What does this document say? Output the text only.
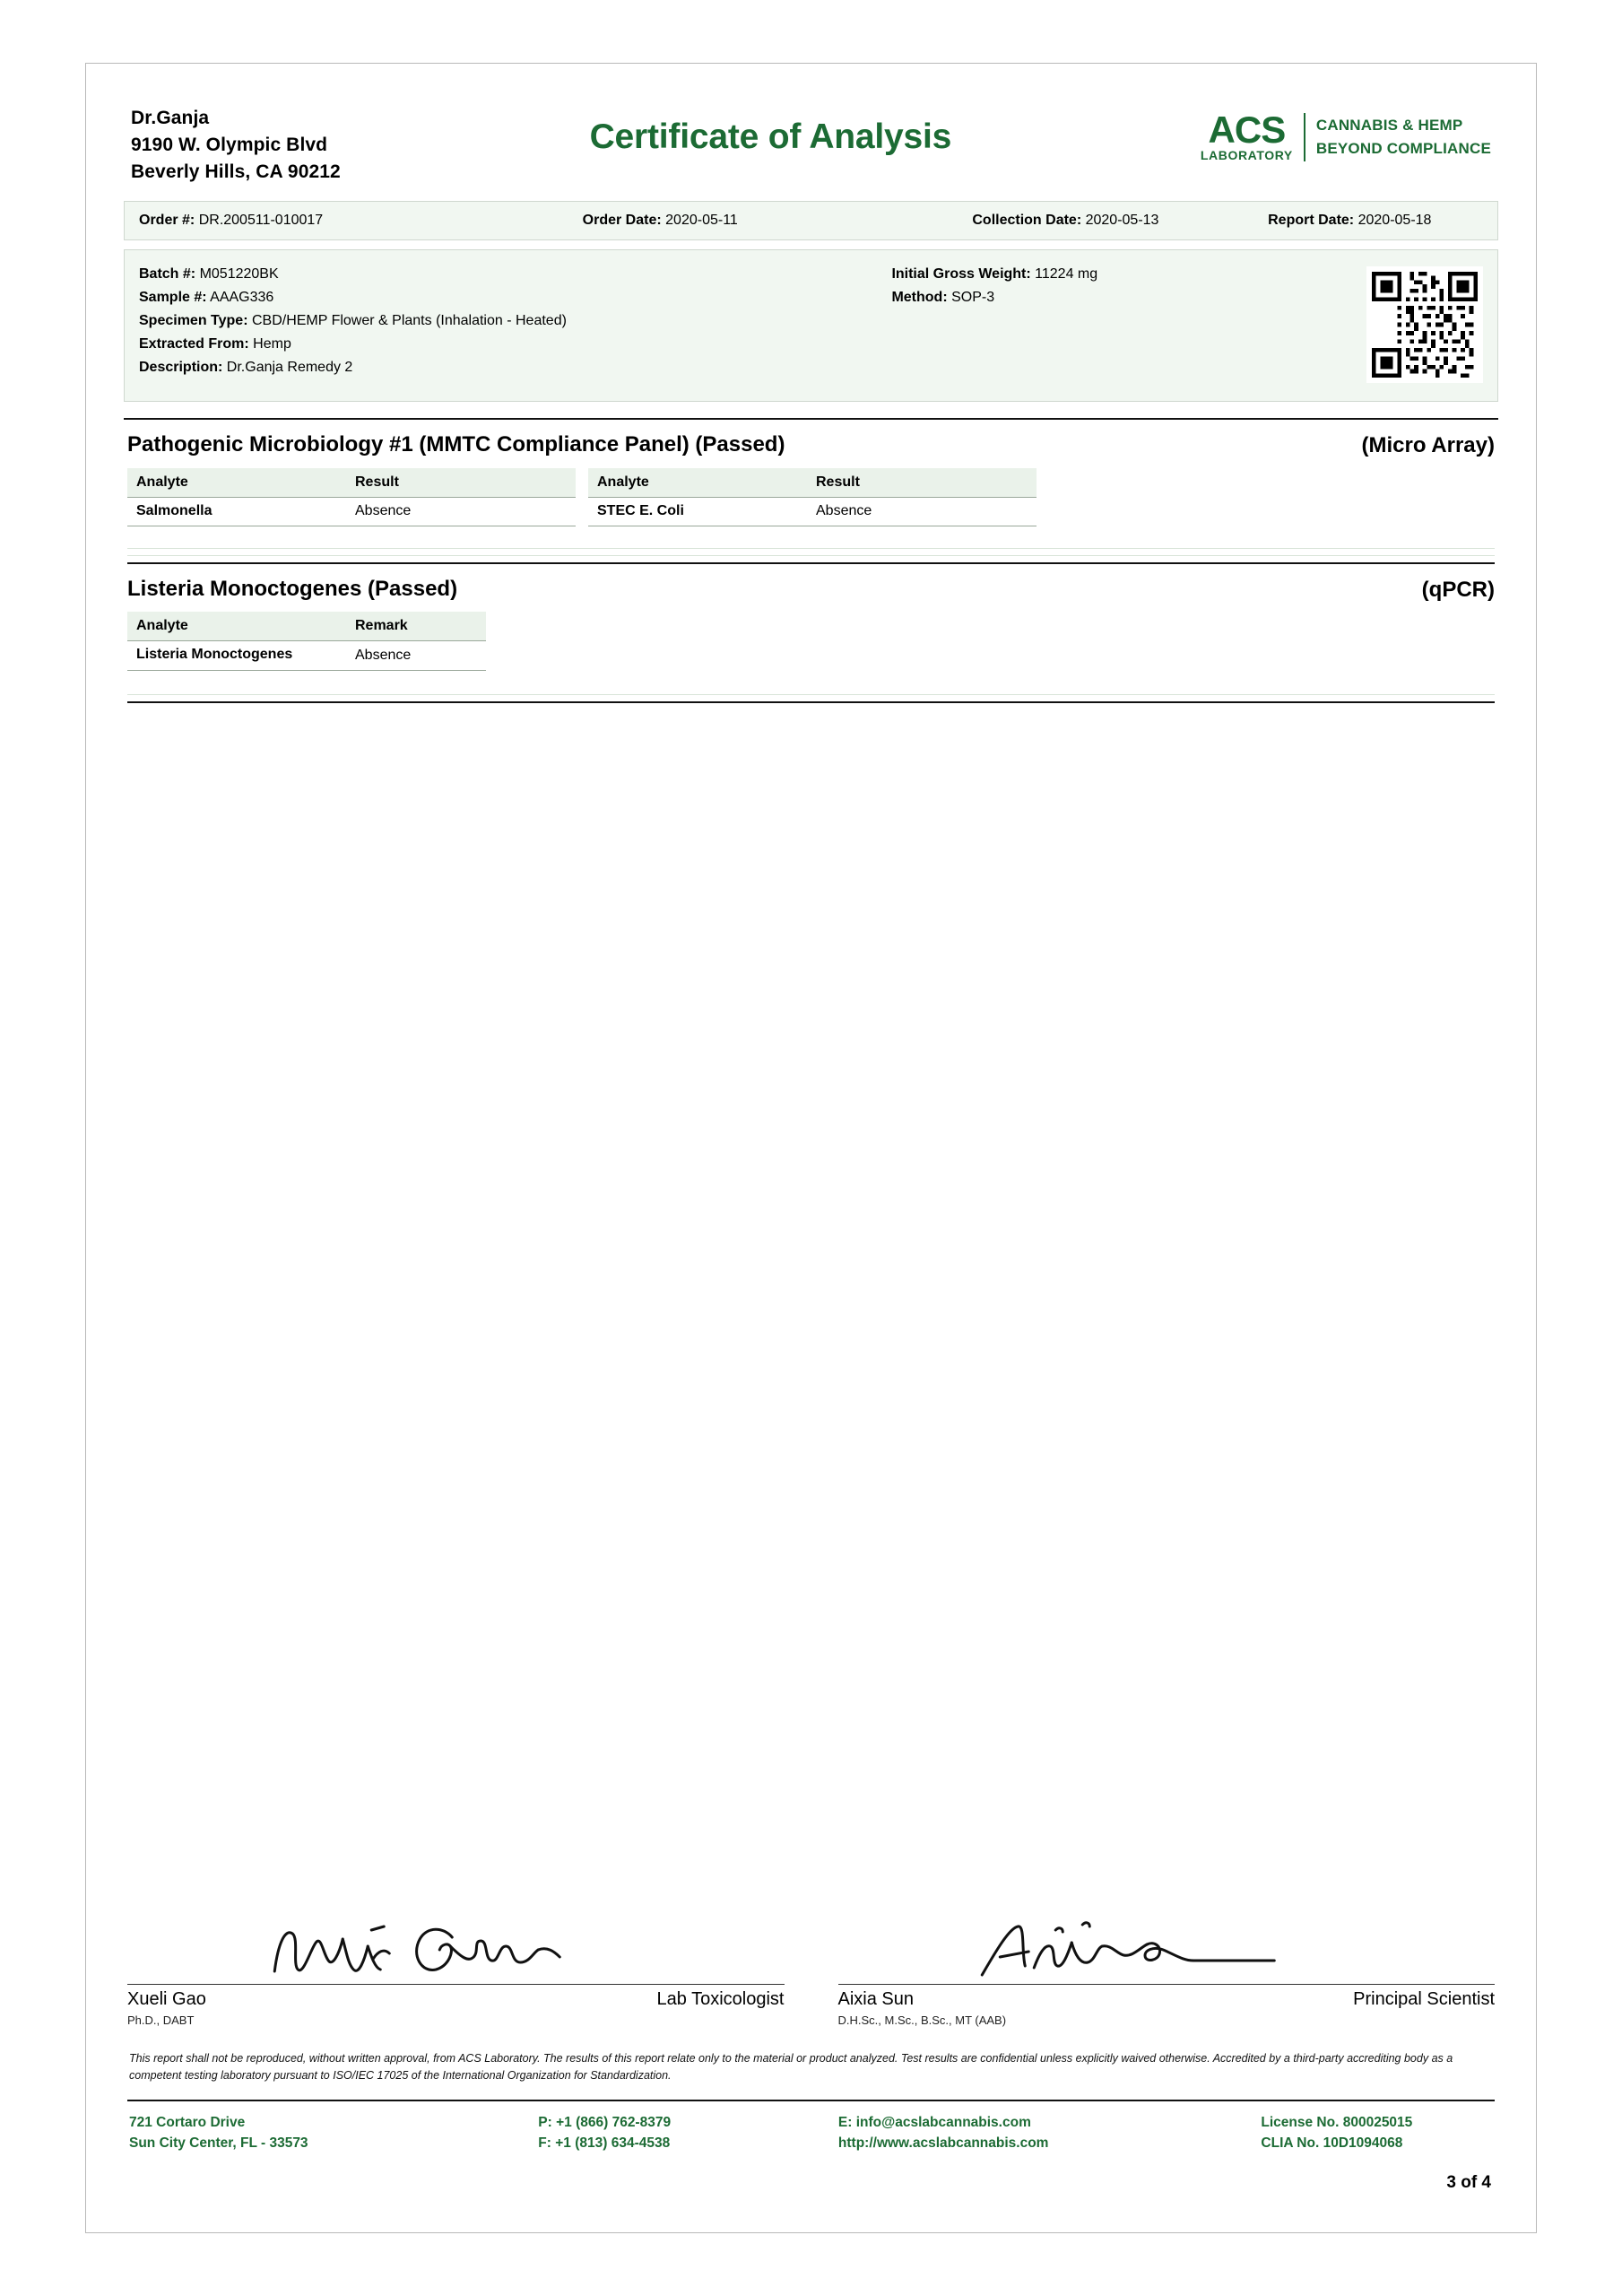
Dr.Ganja
9190 W. Olympic Blvd
Beverly Hills, CA 90212
Certificate of Analysis	ACS
LABORATORY
CANNABIS & HEMP
BEYOND COMPLIANCE
Order #: DR.200511-010017	Order Date: 2020-05-11	Collection Date: 2020-05-13	Report Date: 2020-05-18
Batch #: M051220BK
Sample #: AAAG336
Specimen Type: CBD/HEMP Flower & Plants (Inhalation - Heated)
Extracted From: Hemp
Description: Dr.Ganja Remedy 2
Initial Gross Weight: 11224 mg
Method: SOP-3
Pathogenic Microbiology #1 (MMTC Compliance Panel) (Passed)	(Micro Array)
Analyte	Result
Salmonella	Absence
Analyte	Result
STEC E. Coli	Absence
Listeria Monoctogenes (Passed)	(qPCR)
Analyte	Remark
Listeria Monoctogenes	Absence
Xueli Gao	Lab Toxicologist
Ph.D., DABT
Aixia Sun	Principal Scientist
D.H.Sc., M.Sc., B.Sc., MT (AAB)
This report shall not be reproduced, without written approval, from ACS Laboratory. The results of this report relate only to the material or product analyzed. Test results are confidential unless explicitly waived otherwise. Accredited by a third-party accrediting body as a competent testing laboratory pursuant to ISO/IEC 17025 of the International Organization for Standardization.
721 Cortaro Drive
Sun City Center, FL - 33573
P: +1 (866) 762-8379
F: +1 (813) 634-4538
E: info@acslabcannabis.com
http://www.acslabcannabis.com
License No. 800025015
CLIA No. 10D1094068
3 of 4
